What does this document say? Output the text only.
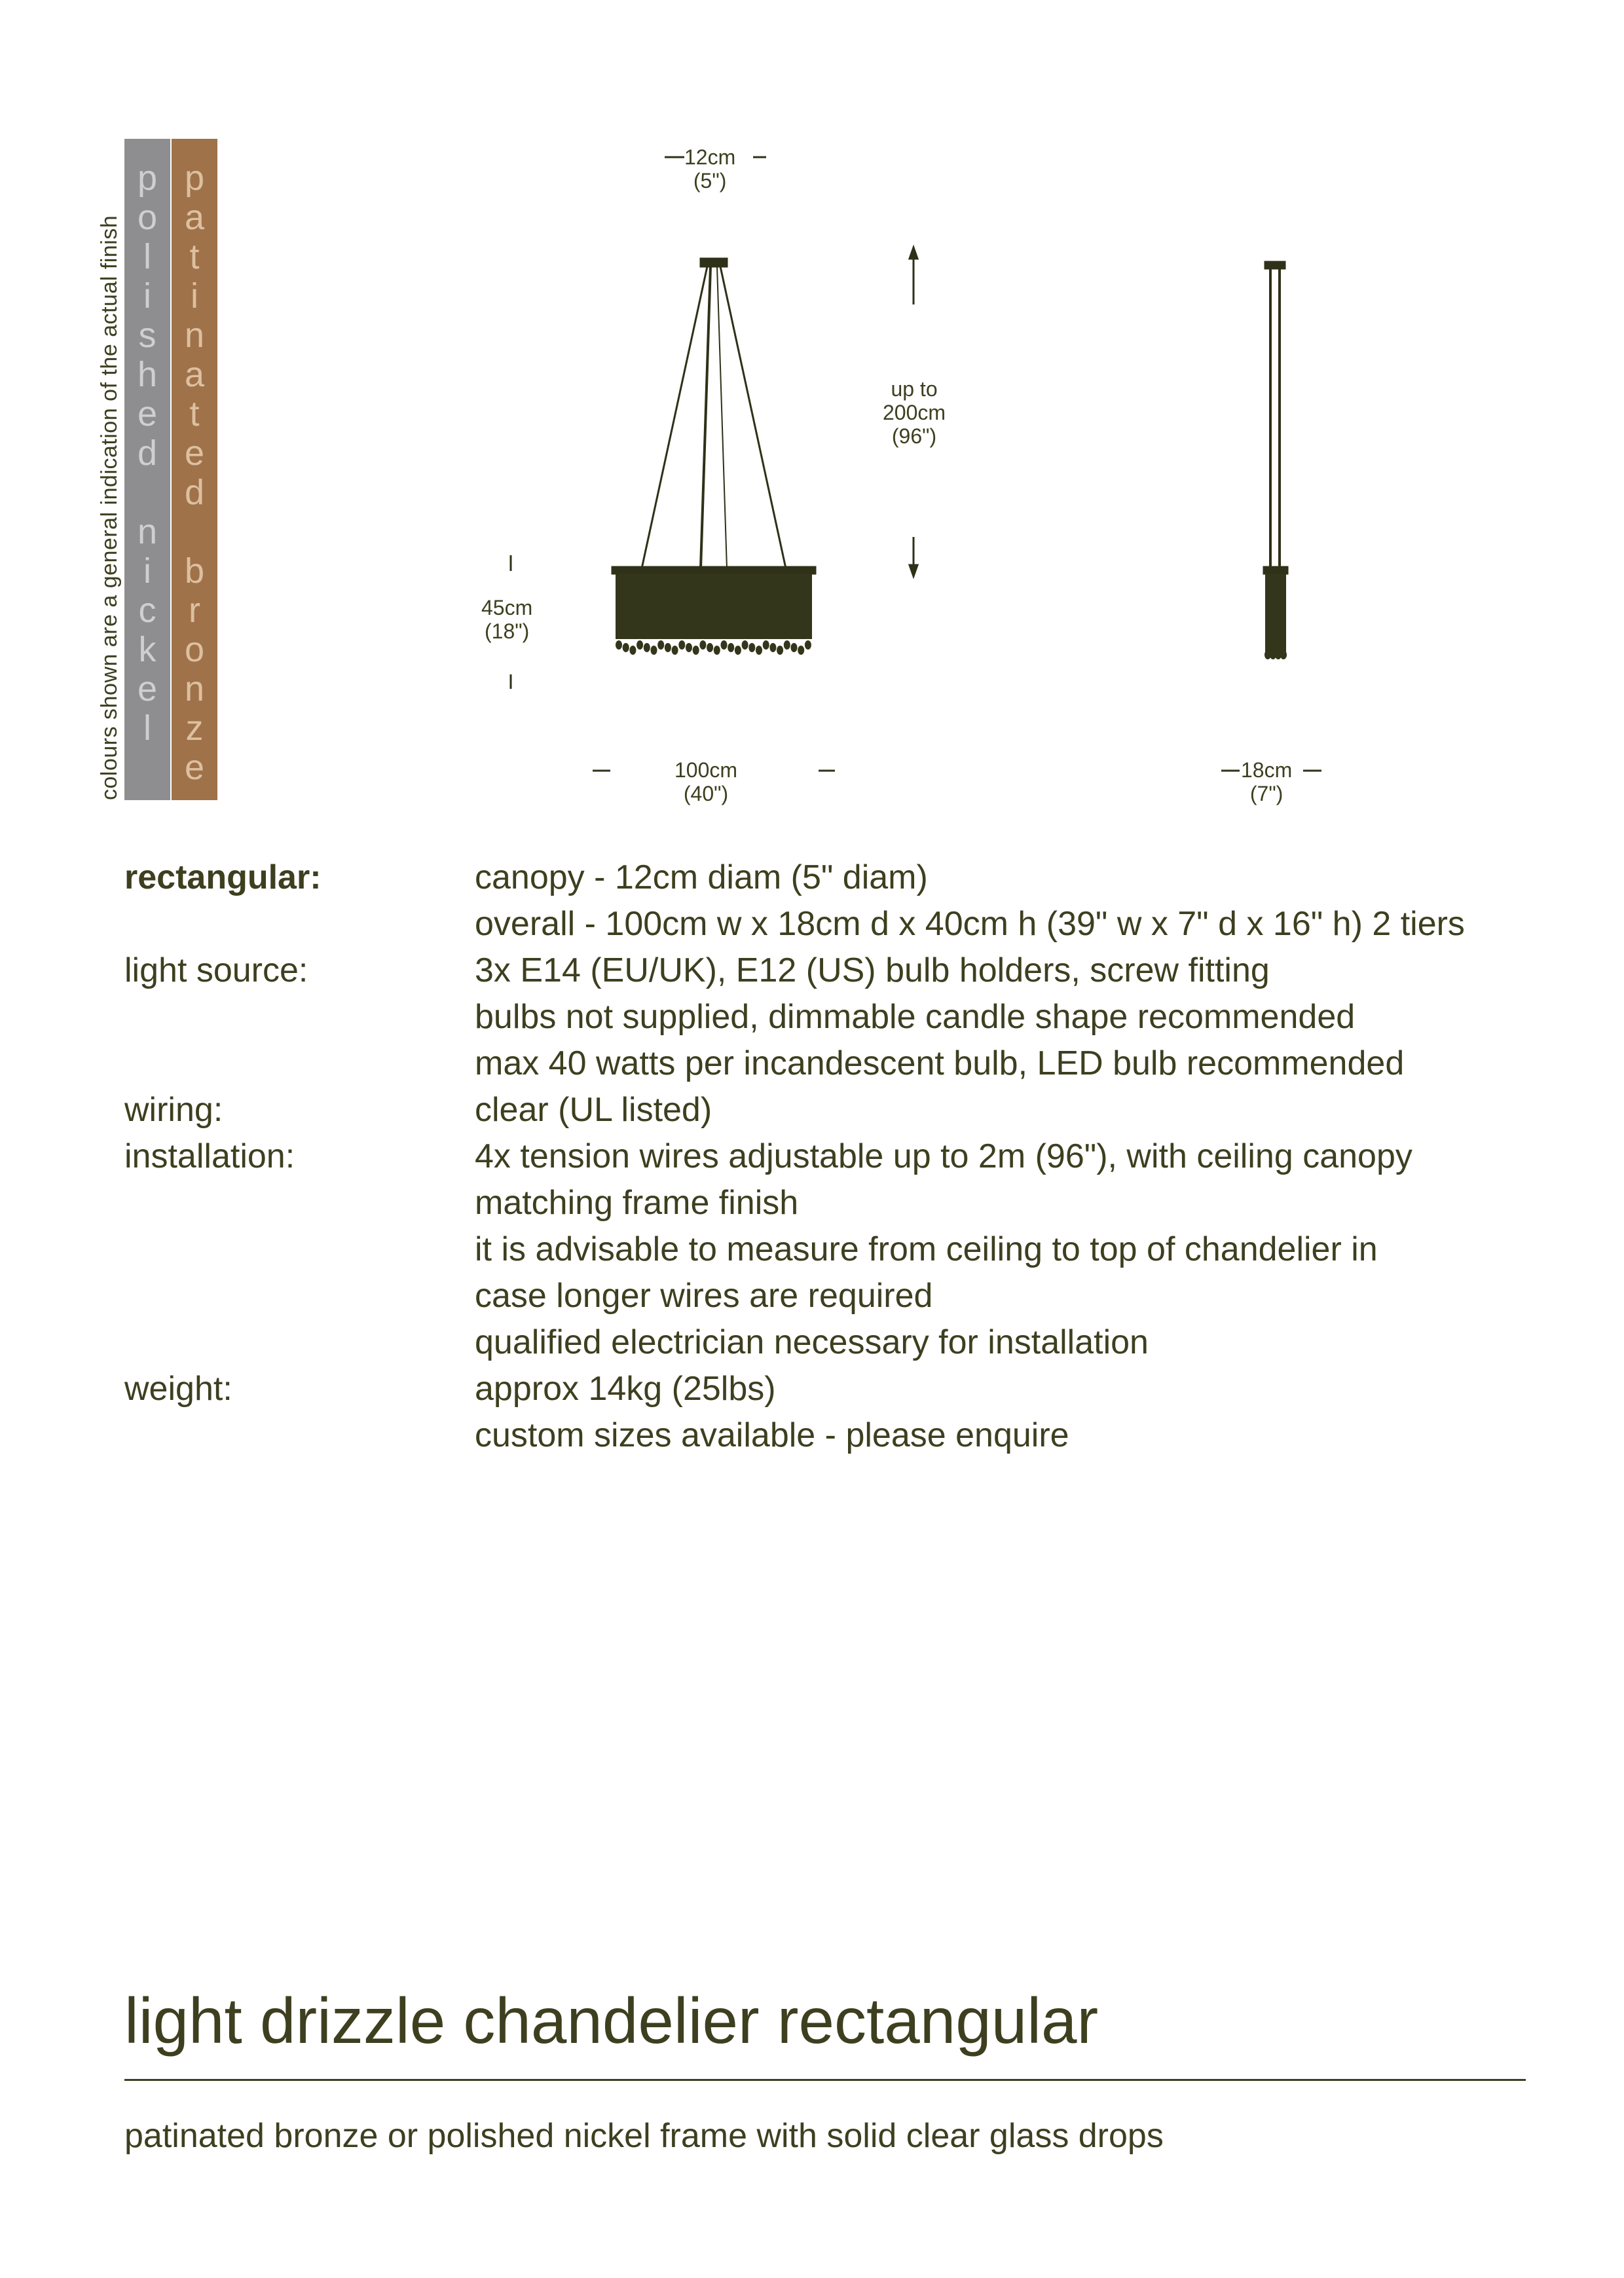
colours shown are a general indication of the actual finish
p
o
l
i
s
h
e
d

n
i
c
k
e
l
p
a
t
i
n
a
t
e
d

b
r
o
n
z
e
12cm
(5")
up to
200cm
(96")
45cm
(18")
100cm
(40")
18cm
(7")
rectangular:	canopy - 12cm diam (5" diam)
overall - 100cm w x 18cm d x 40cm h (39" w x 7" d x 16" h) 2 tiers
light source:	3x E14 (EU/UK), E12 (US) bulb holders, screw fitting
bulbs not supplied, dimmable candle shape recommended
max 40 watts per incandescent bulb, LED bulb recommended
wiring:	clear (UL listed)
installation:	4x tension wires adjustable up to 2m (96"), with ceiling canopy
matching frame finish
it is advisable to measure from ceiling to top of chandelier in
case longer wires are required
qualified electrician necessary for installation
weight:	approx 14kg (25lbs)
custom sizes available - please enquire
light drizzle chandelier rectangular
patinated bronze or polished nickel frame with solid clear glass drops
